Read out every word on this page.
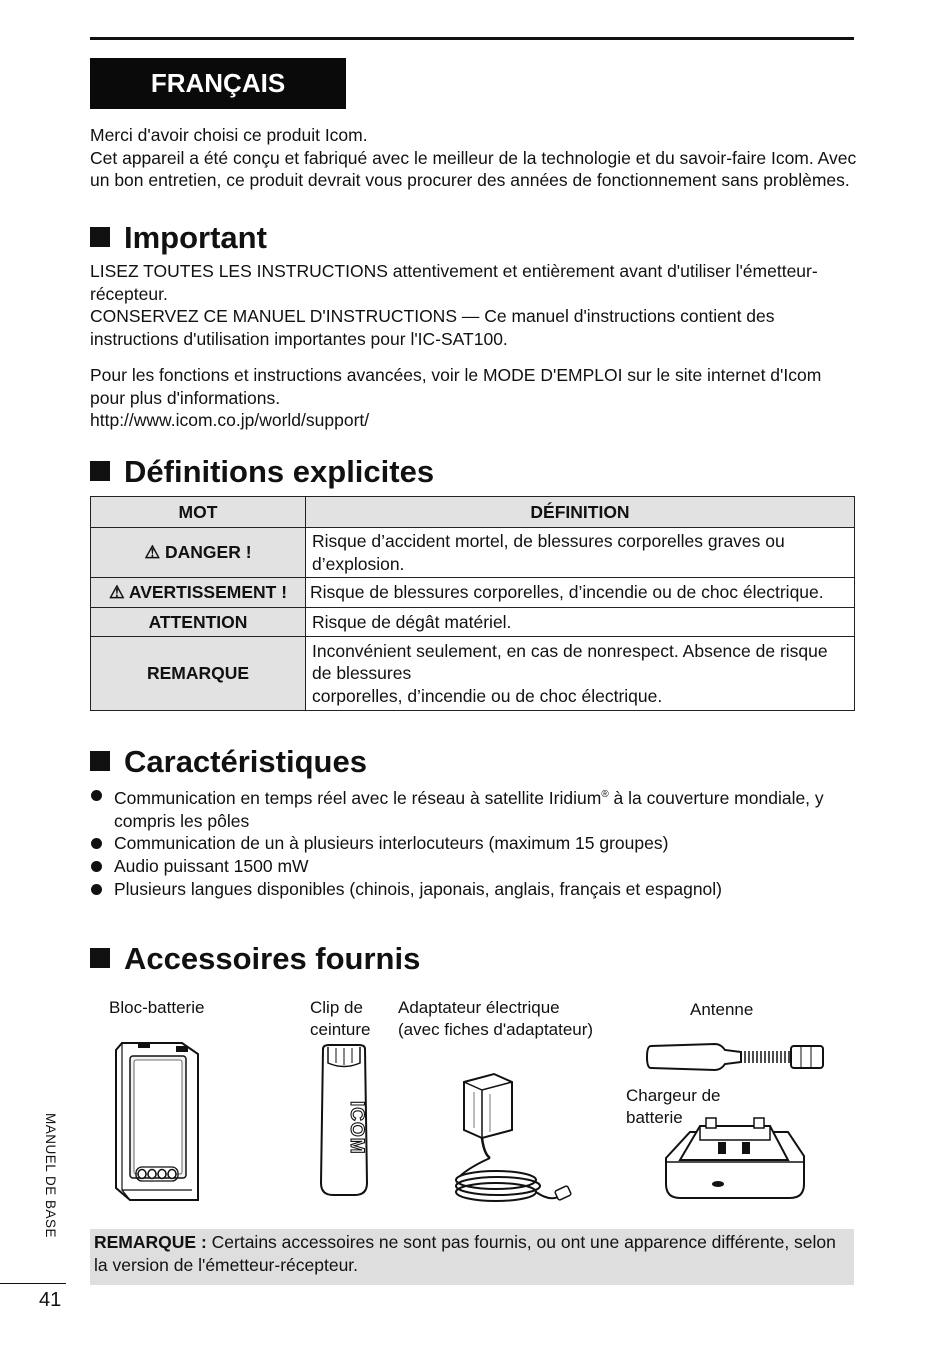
FRANÇAIS

Merci d'avoir choisi ce produit Icom.

Cet appareil a été conçu et fabriqué avec le meilleur de la technologie et du savoir-faire Icom. Avec un bon entretien, ce produit devrait vous procurer des années de fonctionnement sans problèmes.

Important

LISEZ TOUTES LES INSTRUCTIONS attentivement et entièrement avant d'utiliser l'émetteur-récepteur.

CONSERVEZ CE MANUEL D'INSTRUCTIONS — Ce manuel d'instructions contient des instructions d'utilisation importantes pour l'IC-SAT100.

Pour les fonctions et instructions avancées, voir le MODE D'EMPLOI sur le site internet d'Icom pour plus d'informations.

http://www.icom.co.jp/world/support/

Définitions explicites
MOT	DÉFINITION
⚠ DANGER !	Risque d’accident mortel, de blessures corporelles graves ou d’explosion.
⚠ AVERTISSEMENT !	Risque de blessures corporelles, d’incendie ou de choc électrique.
ATTENTION	Risque de dégât matériel.
REMARQUE	Inconvénient seulement, en cas de nonrespect. Absence de risque de blessures
corporelles, d’incendie ou de choc électrique.
Caractéristiques
Communication en temps réel avec le réseau à satellite Iridium® à la couverture mondiale, y compris les pôles
Communication de un à plusieurs interlocuteurs (maximum 15 groupes)
Audio puissant 1500 mW
Plusieurs langues disponibles (chinois, japonais, anglais, français et espagnol)
Accessoires fournis
Bloc-batterie	Clip de
ceinture
Adaptateur électrique
(avec fiches d'adaptateur)
Antenne
Chargeur de
batterie
ICOM

REMARQUE : Certains accessoires ne sont pas fournis, ou ont une apparence différente, selon la version de l'émetteur-récepteur.

MANUEL DE BASE
41
